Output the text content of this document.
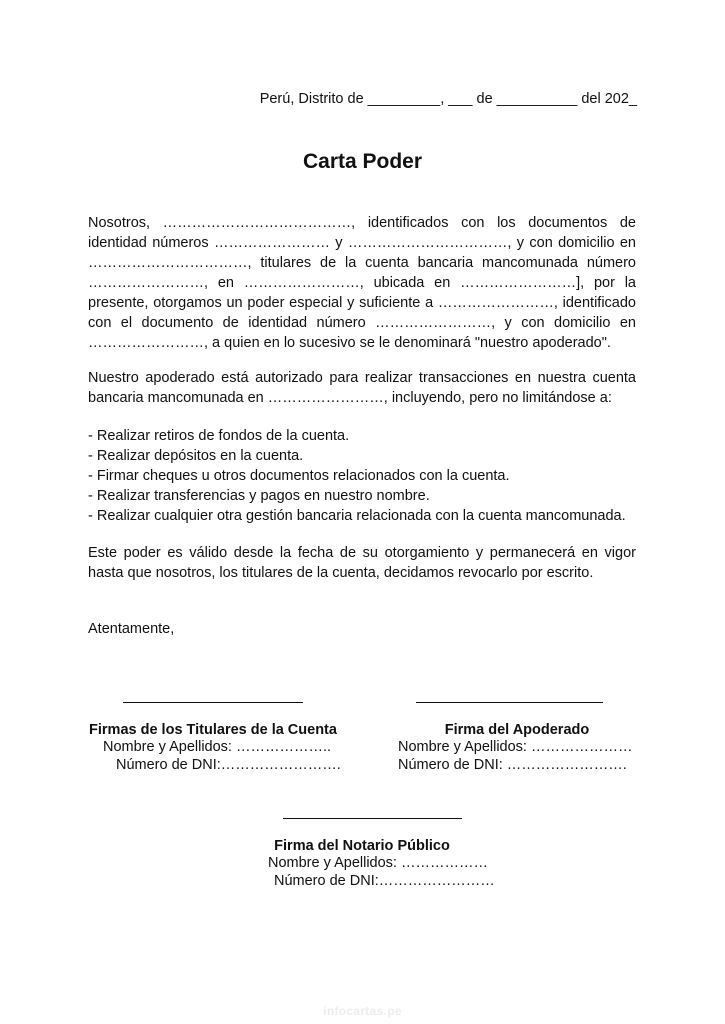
Perú, Distrito de _________, ___ de __________ del 202_
Carta Poder

Nosotros, …………………………………, identificados con los documentos de

identidad números …………………… y ……………………………, y con domicilio en

……………………………, titulares de la cuenta bancaria mancomunada número

……………………, en ……………………, ubicada en ……………………], por la

presente, otorgamos un poder especial y suficiente a ……………………, identificado

con el documento de identidad número ……………………, y con domicilio en

……………………, a quien en lo sucesivo se le denominará "nuestro apoderado".

Nuestro apoderado está autorizado para realizar transacciones en nuestra cuenta

bancaria mancomunada en ……………………, incluyendo, pero no limitándose a:

- Realizar retiros de fondos de la cuenta.

- Realizar depósitos en la cuenta.

- Firmar cheques u otros documentos relacionados con la cuenta.

- Realizar transferencias y pagos en nuestro nombre.

- Realizar cualquier otra gestión bancaria relacionada con la cuenta mancomunada.

Este poder es válido desde la fecha de su otorgamiento y permanecerá en vigor

hasta que nosotros, los titulares de la cuenta, decidamos revocarlo por escrito.

Atentamente,

Firmas de los Titulares de la Cuenta

Nombre y Apellidos: ………………..

Número de DNI:…………………….

Firma del Apoderado

Nombre y Apellidos: …………………

Número de DNI: …………………….

Firma del Notario Público

Nombre y Apellidos: ………………

Número de DNI:……………………

infocartas.pe
